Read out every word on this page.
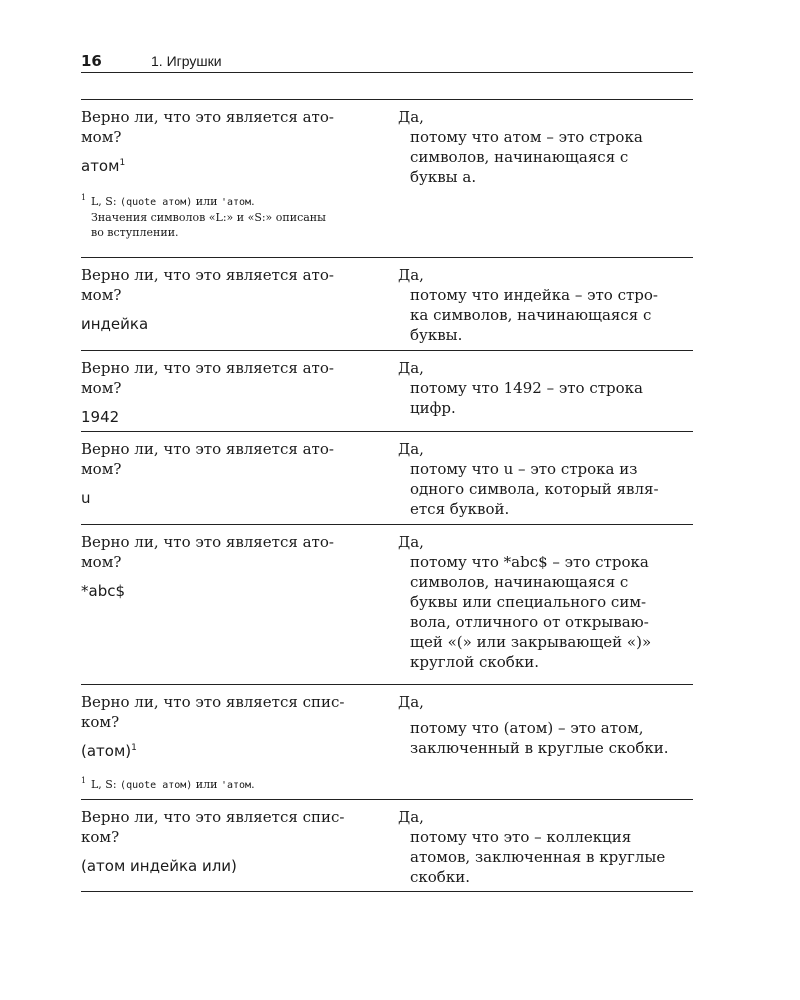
16	1. Игрушки
Верно ли, что это является ато-
мом?
атом$^1$
1 L, S: (quote атом) или 'атом.
Значения символов «L:» и «S:» описаны
во вступлении.
Да,
потому что атом – это строка
символов, начинающаяся с
буквы а.
Верно ли, что это является ато-
мом?
индейка
Да,
потому что индейка – это стро-
ка символов, начинающаяся с
буквы.
Верно ли, что это является ато-
мом?
1942
Да,
потому что 1492 – это строка
цифр.
Верно ли, что это является ато-
мом?
u
Да,
потому что u – это строка из
одного символа, который явля-
ется буквой.
Верно ли, что это является ато-
мом?
*abc$
Да,
потому что *abc$ – это строка
символов, начинающаяся с
буквы или специального сим-
вола, отличного от открываю-
щей «(» или закрывающей «)»
круглой скобки.
Верно ли, что это является спис-
ком?
(атом)$^1$
1 L, S: (quote атом) или 'атом.
Да,
потому что (атом) – это атом,
заключенный в круглые скобки.
Верно ли, что это является спис-
ком?
(атом индейка или)
Да,
потому что это – коллекция
атомов, заключенная в круглые
скобки.
